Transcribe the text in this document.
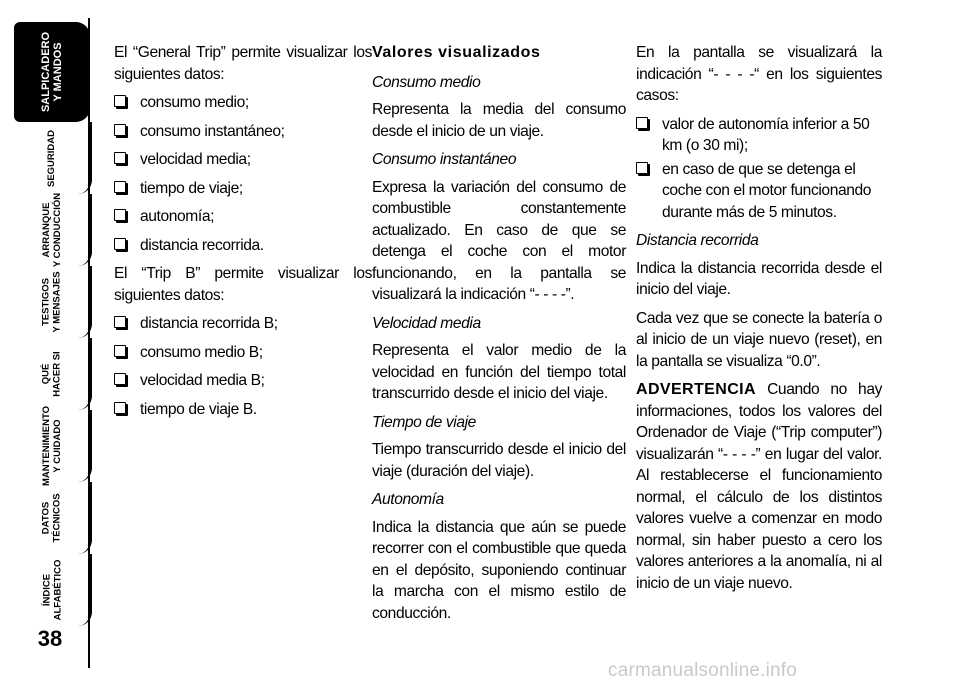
SALPICADERO
Y MANDOS
SEGURIDAD
ARRANQUE
Y CONDUCCIÓN
TESTIGOS
Y MENSAJES
QUÉ
HACER SI
MANTENIMIENTO
Y CUIDADO
DATOS
TÉCNICOS
ÍNDICE
ALFABÉTICO
38

El “General Trip” permite visualizar los siguientes datos:

consumo medio;
consumo instantáneo;
velocidad media;
tiempo de viaje;
autonomía;
distancia recorrida.

El “Trip B” permite visualizar los siguientes datos:

distancia recorrida B;
consumo medio B;
velocidad media B;
tiempo de viaje B.

Valores visualizados

Consumo medio

Representa la media del consumo desde el inicio de un viaje.

Consumo instantáneo

Expresa la variación del consumo de combustible constantemente actualizado. En caso de que se detenga el coche con el motor funcionando, en la pantalla se visualizará la indicación “- - - -”.

Velocidad media

Representa el valor medio de la velocidad en función del tiempo total transcurrido desde el inicio del viaje.

Tiempo de viaje

Tiempo transcurrido desde el inicio del viaje (duración del viaje).

Autonomía

Indica la distancia que aún se puede recorrer con el combustible que queda en el depósito, suponiendo continuar la marcha con el mismo estilo de conducción.

En la pantalla se visualizará la indicación “- - - -“ en los siguientes casos:

valor de autonomía inferior a 50 km (o 30 mi);
en caso de que se detenga el coche con el motor funcionando durante más de 5 minutos.

Distancia recorrida

Indica la distancia recorrida desde el inicio del viaje.

Cada vez que se conecte la batería o al inicio de un viaje nuevo (reset), en la pantalla se visualiza “0.0”.

ADVERTENCIA Cuando no hay informaciones, todos los valores del Ordenador de Viaje (“Trip computer”) visualizarán “- - - -” en lugar del valor. Al restablecerse el funcionamiento normal, el cálculo de los distintos valores vuelve a comenzar en modo normal, sin haber puesto a cero los valores anteriores a la anomalía, ni al inicio de un viaje nuevo.

carmanualsonline.info
